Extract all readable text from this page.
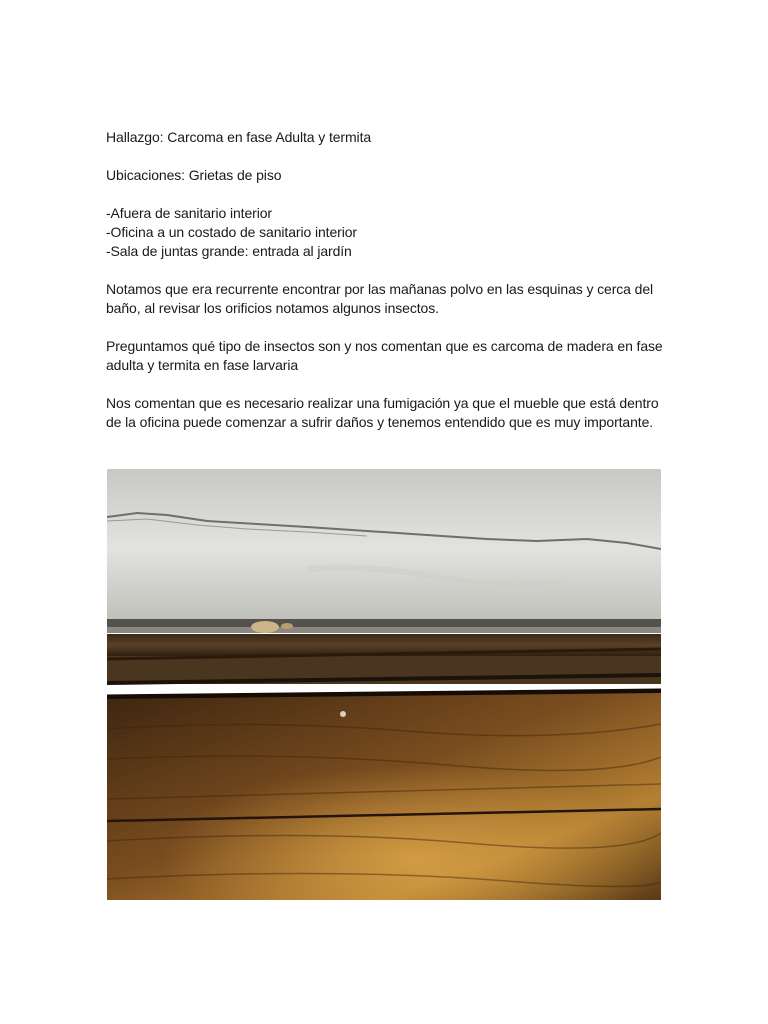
Hallazgo: Carcoma en fase Adulta y termita

Ubicaciones: Grietas de piso

-Afuera de sanitario interior
-Oficina a un costado de sanitario interior
-Sala de juntas grande: entrada al jardín

Notamos que era recurrente encontrar por las mañanas polvo en las esquinas y cerca del baño, al revisar los orificios notamos algunos insectos.

Preguntamos qué tipo de insectos son y nos comentan que es carcoma de madera en fase adulta y termita en fase larvaria

Nos comentan que es necesario realizar una fumigación ya que el mueble que está dentro de la oficina puede comenzar a sufrir daños y tenemos entendido que es muy importante.
